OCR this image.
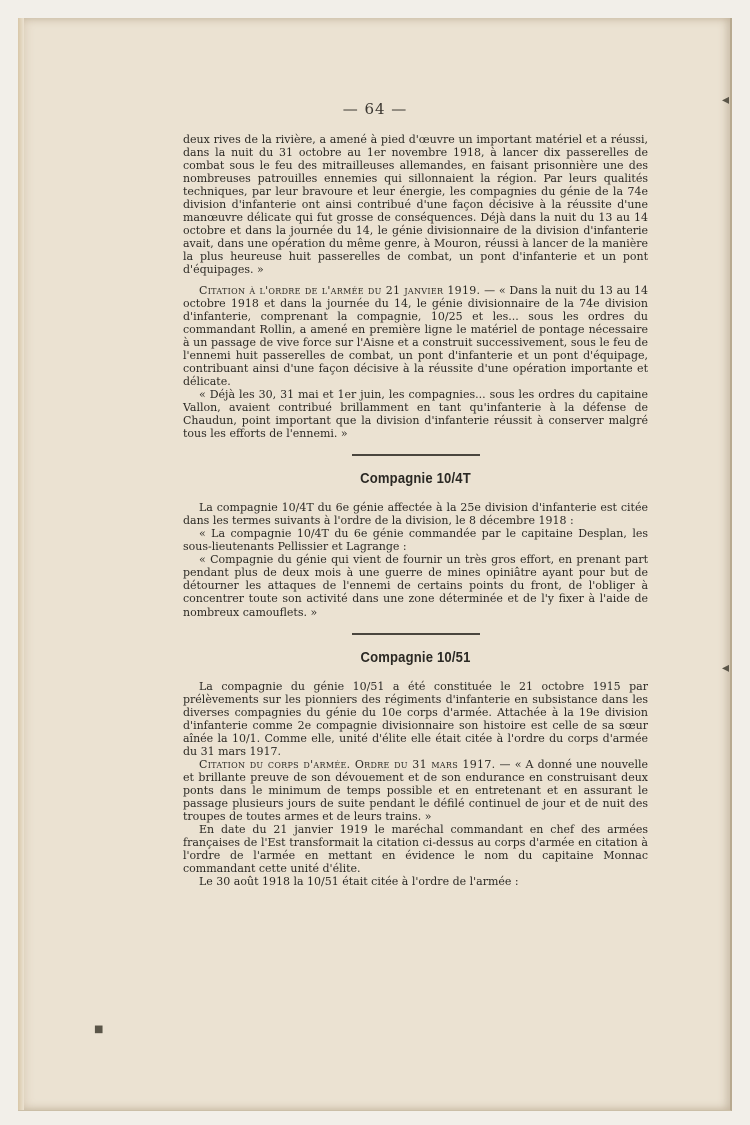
— 64 —

deux rives de la rivière, a amené à pied d'œuvre un important matériel et a réussi, dans la nuit du 31 octobre au 1er novembre 1918, à lancer dix passerelles de combat sous le feu des mitrailleuses allemandes, en faisant prisonnière une des nombreuses patrouilles ennemies qui sillonnaient la région. Par leurs qualités techniques, par leur bravoure et leur énergie, les compagnies du génie de la 74e division d'infanterie ont ainsi contribué d'une façon décisive à la réussite d'une manœuvre délicate qui fut grosse de conséquences. Déjà dans la nuit du 13 au 14 octobre et dans la journée du 14, le génie divisionnaire de la division d'infanterie avait, dans une opération du même genre, à Mouron, réussi à lancer de la manière la plus heureuse huit passerelles de combat, un pont d'infanterie et un pont d'équipages. »

Citation à l'ordre de l'armée du 21 janvier 1919. — « Dans la nuit du 13 au 14 octobre 1918 et dans la journée du 14, le génie divisionnaire de la 74e division d'infanterie, comprenant la compagnie, 10/25 et les... sous les ordres du commandant Rollin, a amené en première ligne le matériel de pontage nécessaire à un passage de vive force sur l'Aisne et a construit successivement, sous le feu de l'ennemi huit passerelles de combat, un pont d'infanterie et un pont d'équipage, contribuant ainsi d'une façon décisive à la réussite d'une opération importante et délicate.

« Déjà les 30, 31 mai et 1er juin, les compagnies... sous les ordres du capitaine Vallon, avaient contribué brillamment en tant qu'infanterie à la défense de Chaudun, point important que la division d'infanterie réussit à conserver malgré tous les efforts de l'ennemi. »

Compagnie 10/4T

La compagnie 10/4T du 6e génie affectée à la 25e division d'infanterie est citée dans les termes suivants à l'ordre de la division, le 8 décembre 1918 :

« La compagnie 10/4T du 6e génie commandée par le capitaine Desplan, les sous-lieutenants Pellissier et Lagrange :

« Compagnie du génie qui vient de fournir un très gros effort, en prenant part pendant plus de deux mois à une guerre de mines opiniâtre ayant pour but de détourner les attaques de l'ennemi de certains points du front, de l'obliger à concentrer toute son activité dans une zone déterminée et de l'y fixer à l'aide de nombreux camouflets. »

Compagnie 10/51

La compagnie du génie 10/51 a été constituée le 21 octobre 1915 par prélèvements sur les pionniers des régiments d'infanterie en subsistance dans les diverses compagnies du génie du 10e corps d'armée. Attachée à la 19e division d'infanterie comme 2e compagnie divisionnaire son histoire est celle de sa sœur aînée la 10/1. Comme elle, unité d'élite elle était citée à l'ordre du corps d'armée du 31 mars 1917.

Citation du corps d'armée. Ordre du 31 mars 1917. — « A donné une nouvelle et brillante preuve de son dévouement et de son endurance en construisant deux ponts dans le minimum de temps possible et en entretenant et en assurant le passage plusieurs jours de suite pendant le défilé continuel de jour et de nuit des troupes de toutes armes et de leurs trains. »

En date du 21 janvier 1919 le maréchal commandant en chef des armées françaises de l'Est transformait la citation ci-dessus au corps d'armée en citation à l'ordre de l'armée en mettant en évidence le nom du capitaine Monnac commandant cette unité d'élite.

Le 30 août 1918 la 10/51 était citée à l'ordre de l'armée :

◂
◂
■
